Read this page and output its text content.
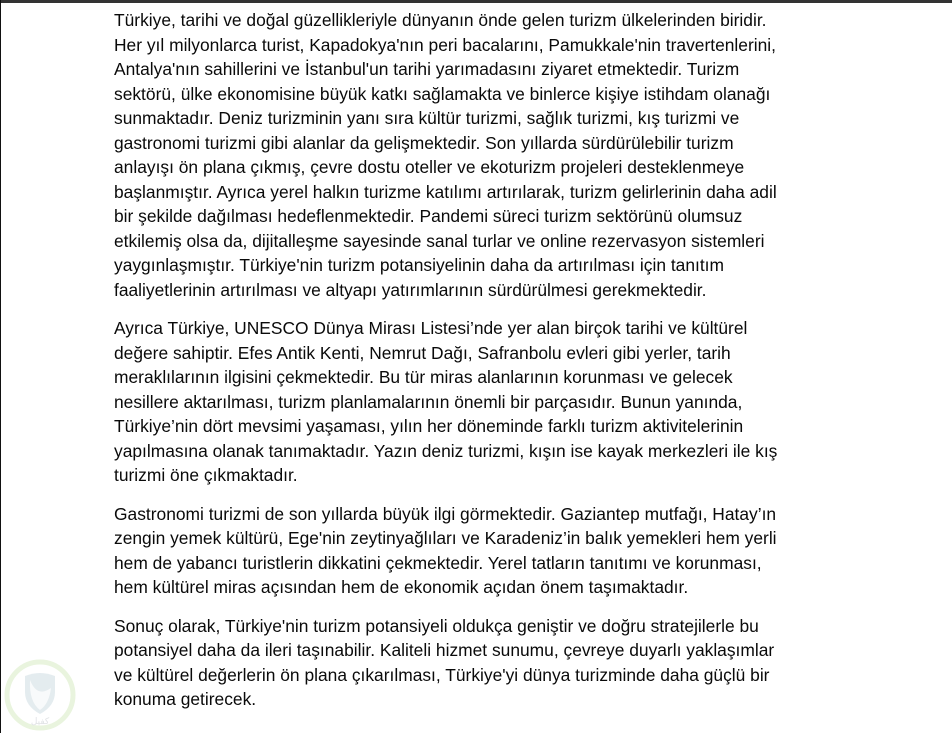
Türkiye, tarihi ve doğal güzellikleriyle dünyanın önde gelen turizm ülkelerinden biridir.
Her yıl milyonlarca turist, Kapadokya'nın peri bacalarını, Pamukkale'nin travertenlerini,
Antalya'nın sahillerini ve İstanbul'un tarihi yarımadasını ziyaret etmektedir. Turizm
sektörü, ülke ekonomisine büyük katkı sağlamakta ve binlerce kişiye istihdam olanağı
sunmaktadır. Deniz turizminin yanı sıra kültür turizmi, sağlık turizmi, kış turizmi ve
gastronomi turizmi gibi alanlar da gelişmektedir. Son yıllarda sürdürülebilir turizm
anlayışı ön plana çıkmış, çevre dostu oteller ve ekoturizm projeleri desteklenmeye
başlanmıştır. Ayrıca yerel halkın turizme katılımı artırılarak, turizm gelirlerinin daha adil
bir şekilde dağılması hedeflenmektedir. Pandemi süreci turizm sektörünü olumsuz
etkilemiş olsa da, dijitalleşme sayesinde sanal turlar ve online rezervasyon sistemleri
yaygınlaşmıştır. Türkiye'nin turizm potansiyelinin daha da artırılması için tanıtım
faaliyetlerinin artırılması ve altyapı yatırımlarının sürdürülmesi gerekmektedir.

Ayrıca Türkiye, UNESCO Dünya Mirası Listesi’nde yer alan birçok tarihi ve kültürel
değere sahiptir. Efes Antik Kenti, Nemrut Dağı, Safranbolu evleri gibi yerler, tarih
meraklılarının ilgisini çekmektedir. Bu tür miras alanlarının korunması ve gelecek
nesillere aktarılması, turizm planlamalarının önemli bir parçasıdır. Bunun yanında,
Türkiye’nin dört mevsimi yaşaması, yılın her döneminde farklı turizm aktivitelerinin
yapılmasına olanak tanımaktadır. Yazın deniz turizmi, kışın ise kayak merkezleri ile kış
turizmi öne çıkmaktadır.

Gastronomi turizmi de son yıllarda büyük ilgi görmektedir. Gaziantep mutfağı, Hatay’ın
zengin yemek kültürü, Ege'nin zeytinyağlıları ve Karadeniz’in balık yemekleri hem yerli
hem de yabancı turistlerin dikkatini çekmektedir. Yerel tatların tanıtımı ve korunması,
hem kültürel miras açısından hem de ekonomik açıdan önem taşımaktadır.

Sonuç olarak, Türkiye'nin turizm potansiyeli oldukça geniştir ve doğru stratejilerle bu
potansiyel daha da ileri taşınabilir. Kaliteli hizmet sunumu, çevreye duyarlı yaklaşımlar
ve kültürel değerlerin ön plana çıkarılması, Türkiye'yi dünya turizminde daha güçlü bir
konuma getirecek.

كفيل
